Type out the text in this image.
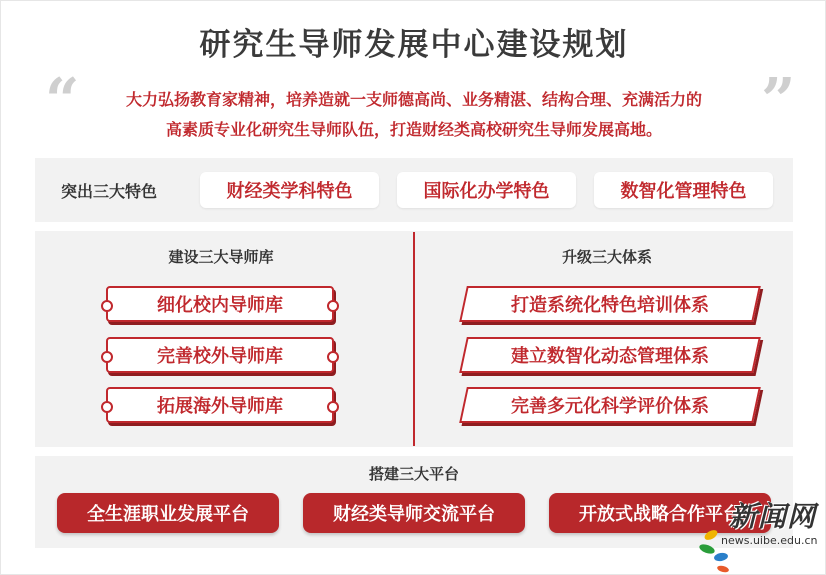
研究生导师发展中心建设规划
“	”
大力弘扬教育家精神，培养造就一支师德高尚、业务精湛、结构合理、充满活力的
高素质专业化研究生导师队伍，打造财经类高校研究生导师发展高地。
突出三大特色	财经类学科特色	国际化办学特色	数智化管理特色
建设三大导师库	升级三大体系
细化校内导师库
完善校外导师库
拓展海外导师库
打造系统化特色培训体系
建立数智化动态管理体系
完善多元化科学评价体系
搭建三大平台
全生涯职业发展平台	财经类导师交流平台	开放式战略合作平台
新闻网
news.uibe.edu.cn
